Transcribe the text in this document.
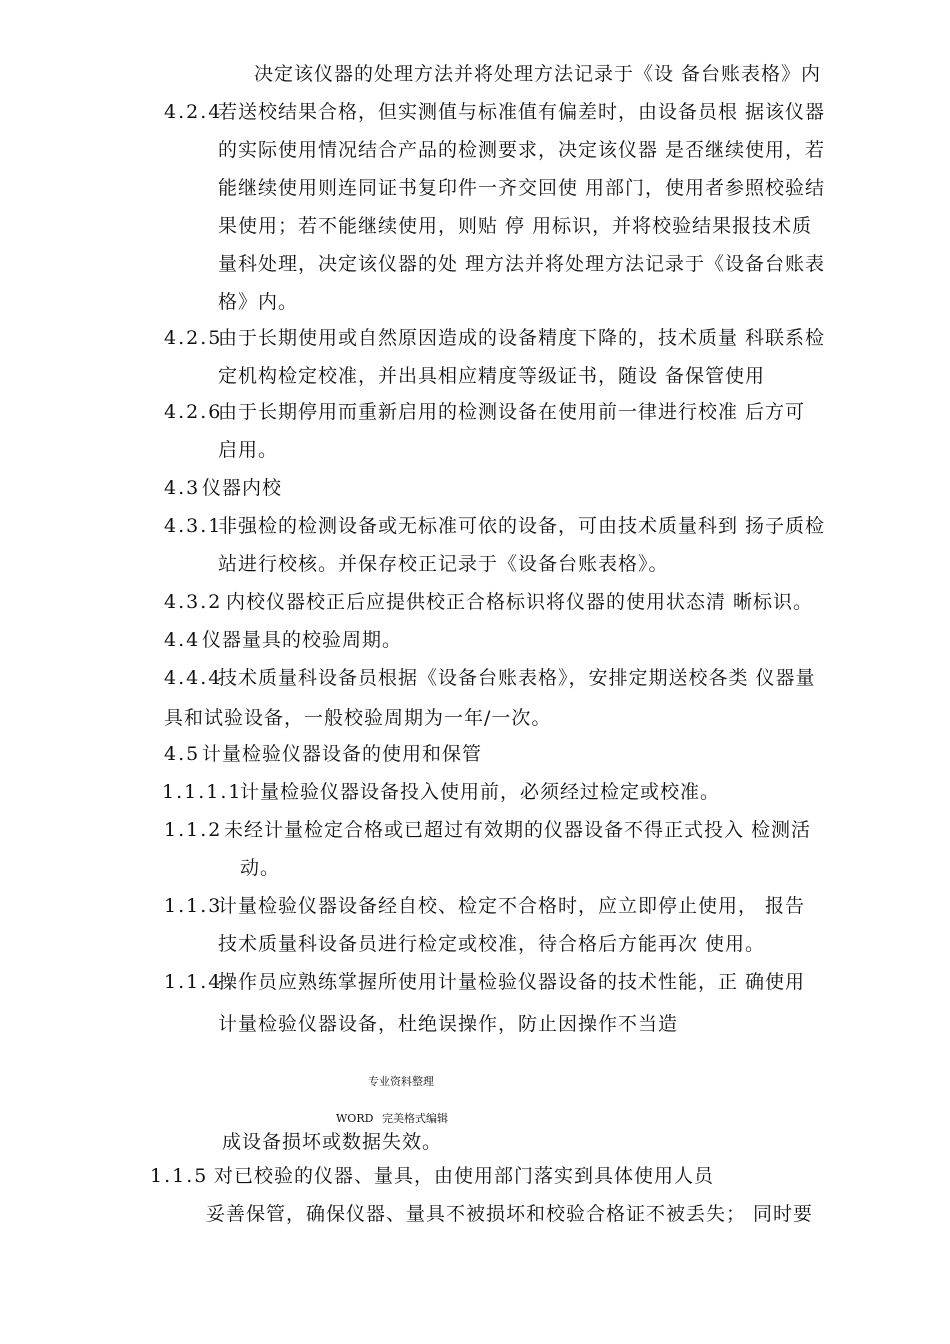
决定该仪器的处理方法并将处理方法记录于《设 备台账表格》内
4.2.4
若送校结果合格，但实测值与标准值有偏差时，由设备员根 据该仪器
的实际使用情况结合产品的检测要求，决定该仪器 是否继续使用，若
能继续使用则连同证书复印件一齐交回使 用部门，使用者参照校验结
果使用；若不能继续使用，则贴 停 用标识，并将校验结果报技术质
量科处理，决定该仪器的处 理方法并将处理方法记录于《设备台账表
格》内。
4.2.5
由于长期使用或自然原因造成的设备精度下降的，技术质量 科联系检
定机构检定校准，并出具相应精度等级证书，随设 备保管使用
4.2.6
由于长期停用而重新启用的检测设备在使用前一律进行校准 后方可
启用。
4.3 仪器内校
4.3.1
非强检的检测设备或无标准可依的设备，可由技术质量科到 扬子质检
站进行校核。并保存校正记录于《设备台账表格》。
4.3.2 内校仪器校正后应提供校正合格标识将仪器的使用状态清 晰标识。
4.4 仪器量具的校验周期。
4.4.4
技术质量科设备员根据《设备台账表格》，安排定期送校各类 仪器量
具和试验设备，一般校验周期为一年/一次。
4.5 计量检验仪器设备的使用和保管
1.1.1.1
计量检验仪器设备投入使用前，必须经过检定或校准。
1.1.2 未经计量检定合格或已超过有效期的仪器设备不得正式投入 检测活
动。
1.1.3
计量检验仪器设备经自校、检定不合格时，应立即停止使用， 报告
技术质量科设备员进行检定或校准，待合格后方能再次 使用。
1.1.4
操作员应熟练掌握所使用计量检验仪器设备的技术性能，正 确使用
计量检验仪器设备，杜绝误操作，防止因操作不当造
专业资料整理
WORD 完美格式编辑
成设备损坏或数据失效。
1.1.5 对已校验的仪器、量具，由使用部门落实到具体使用人员
妥善保管，确保仪器、量具不被损坏和校验合格证不被丢失； 同时要
